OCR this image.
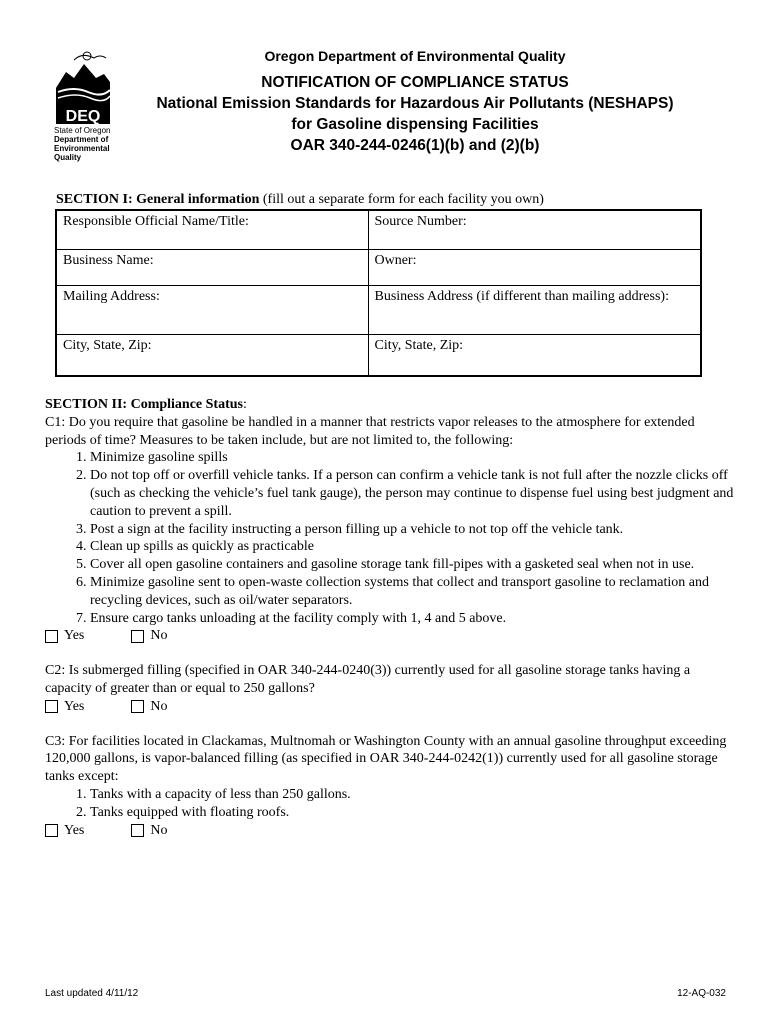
DEQ
State of Oregon
Department of
Environmental
Quality
Oregon Department of Environmental Quality
NOTIFICATION OF COMPLIANCE STATUS
National Emission Standards for Hazardous Air Pollutants (NESHAPS)
for Gasoline dispensing Facilities
OAR 340-244-0246(1)(b) and (2)(b)
SECTION I: General information (fill out a separate form for each facility you own)
Responsible Official Name/Title:	Source Number:
Business Name:	Owner:
Mailing Address:	Business Address (if different than mailing address):
City, State, Zip:	City, State, Zip:

SECTION II: Compliance Status:

C1: Do you require that gasoline be handled in a manner that restricts vapor releases to the atmosphere for extended periods of time? Measures to be taken include, but are not limited to, the following:

1. Minimize gasoline spills
2. Do not top off or overfill vehicle tanks. If a person can confirm a vehicle tank is not full after the nozzle clicks off (such as checking the vehicle’s fuel tank gauge), the person may continue to dispense fuel using best judgment and caution to prevent a spill.
3. Post a sign at the facility instructing a person filling up a vehicle to not top off the vehicle tank.
4. Clean up spills as quickly as practicable
5. Cover all open gasoline containers and gasoline storage tank fill-pipes with a gasketed seal when not in use.
6. Minimize gasoline sent to open-waste collection systems that collect and transport gasoline to reclamation and recycling devices, such as oil/water separators.
7. Ensure cargo tanks unloading at the facility comply with 1, 4 and 5 above.
Yes	No

C2: Is submerged filling (specified in OAR 340-244-0240(3)) currently used for all gasoline storage tanks having a capacity of greater than or equal to 250 gallons?

Yes	No

C3: For facilities located in Clackamas, Multnomah or Washington County with an annual gasoline throughput exceeding 120,000 gallons, is vapor-balanced filling (as specified in OAR 340-244-0242(1)) currently used for all gasoline storage tanks except:

1. Tanks with a capacity of less than 250 gallons.
2. Tanks equipped with floating roofs.
Yes	No
Last updated 4/11/12	12-AQ-032
